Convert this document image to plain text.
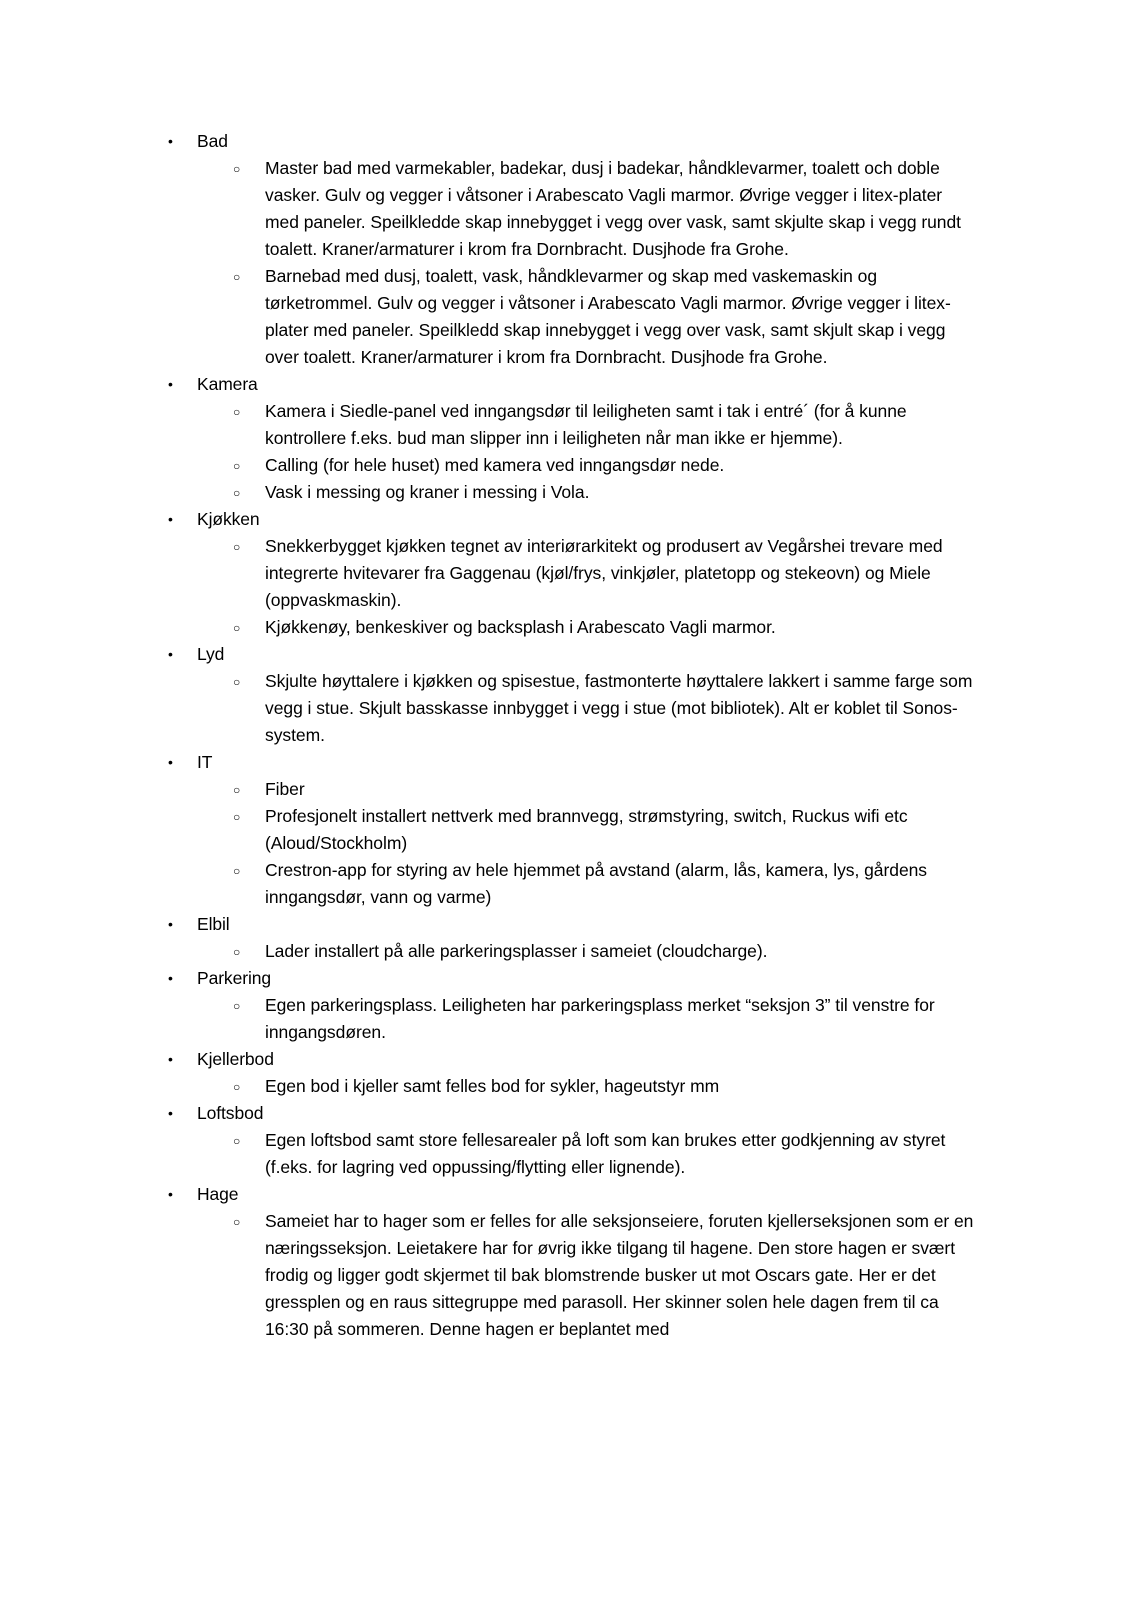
• Bad
○ Master bad med varmekabler, badekar, dusj i badekar, håndklevarmer, toalett och doble vasker. Gulv og vegger i våtsoner i Arabescato Vagli marmor. Øvrige vegger i litex-plater med paneler. Speilkledde skap innebygget i vegg over vask, samt skjulte skap i vegg rundt toalett. Kraner/armaturer i krom fra Dornbracht. Dusjhode fra Grohe.
○ Barnebad med dusj, toalett, vask, håndklevarmer og skap med vaskemaskin og tørketrommel. Gulv og vegger i våtsoner i Arabescato Vagli marmor. Øvrige vegger i litex-plater med paneler. Speilkledd skap innebygget i vegg over vask, samt skjult skap i vegg over toalett. Kraner/armaturer i krom fra Dornbracht. Dusjhode fra Grohe.
• Kamera
○ Kamera i Siedle-panel ved inngangsdør til leiligheten samt i tak i entré´ (for å kunne kontrollere f.eks. bud man slipper inn i leiligheten når man ikke er hjemme).
○ Calling (for hele huset) med kamera ved inngangsdør nede.
○ Vask i messing og kraner i messing i Vola.
• Kjøkken
○ Snekkerbygget kjøkken tegnet av interiørarkitekt og produsert av Vegårshei trevare med integrerte hvitevarer fra Gaggenau (kjøl/frys, vinkjøler, platetopp og stekeovn) og Miele (oppvaskmaskin).
○ Kjøkkenøy, benkeskiver og backsplash i Arabescato Vagli marmor.
• Lyd
○ Skjulte høyttalere i kjøkken og spisestue, fastmonterte høyttalere lakkert i samme farge som vegg i stue. Skjult basskasse innbygget i vegg i stue (mot bibliotek). Alt er koblet til Sonos-system.
• IT
○ Fiber
○ Profesjonelt installert nettverk med brannvegg, strømstyring, switch, Ruckus wifi etc (Aloud/Stockholm)
○ Crestron-app for styring av hele hjemmet på avstand (alarm, lås, kamera, lys, gårdens inngangsdør, vann og varme)
• Elbil
○ Lader installert på alle parkeringsplasser i sameiet (cloudcharge).
• Parkering
○ Egen parkeringsplass. Leiligheten har parkeringsplass merket “seksjon 3” til venstre for inngangsdøren.
• Kjellerbod
○ Egen bod i kjeller samt felles bod for sykler, hageutstyr mm
• Loftsbod
○ Egen loftsbod samt store fellesarealer på loft som kan brukes etter godkjenning av styret (f.eks. for lagring ved oppussing/flytting eller lignende).
• Hage
○ Sameiet har to hager som er felles for alle seksjonseiere, foruten kjellerseksjonen som er en næringsseksjon. Leietakere har for øvrig ikke tilgang til hagene. Den store hagen er svært frodig og ligger godt skjermet til bak blomstrende busker ut mot Oscars gate. Her er det gressplen og en raus sittegruppe med parasoll. Her skinner solen hele dagen frem til ca 16:30 på sommeren. Denne hagen er beplantet med
